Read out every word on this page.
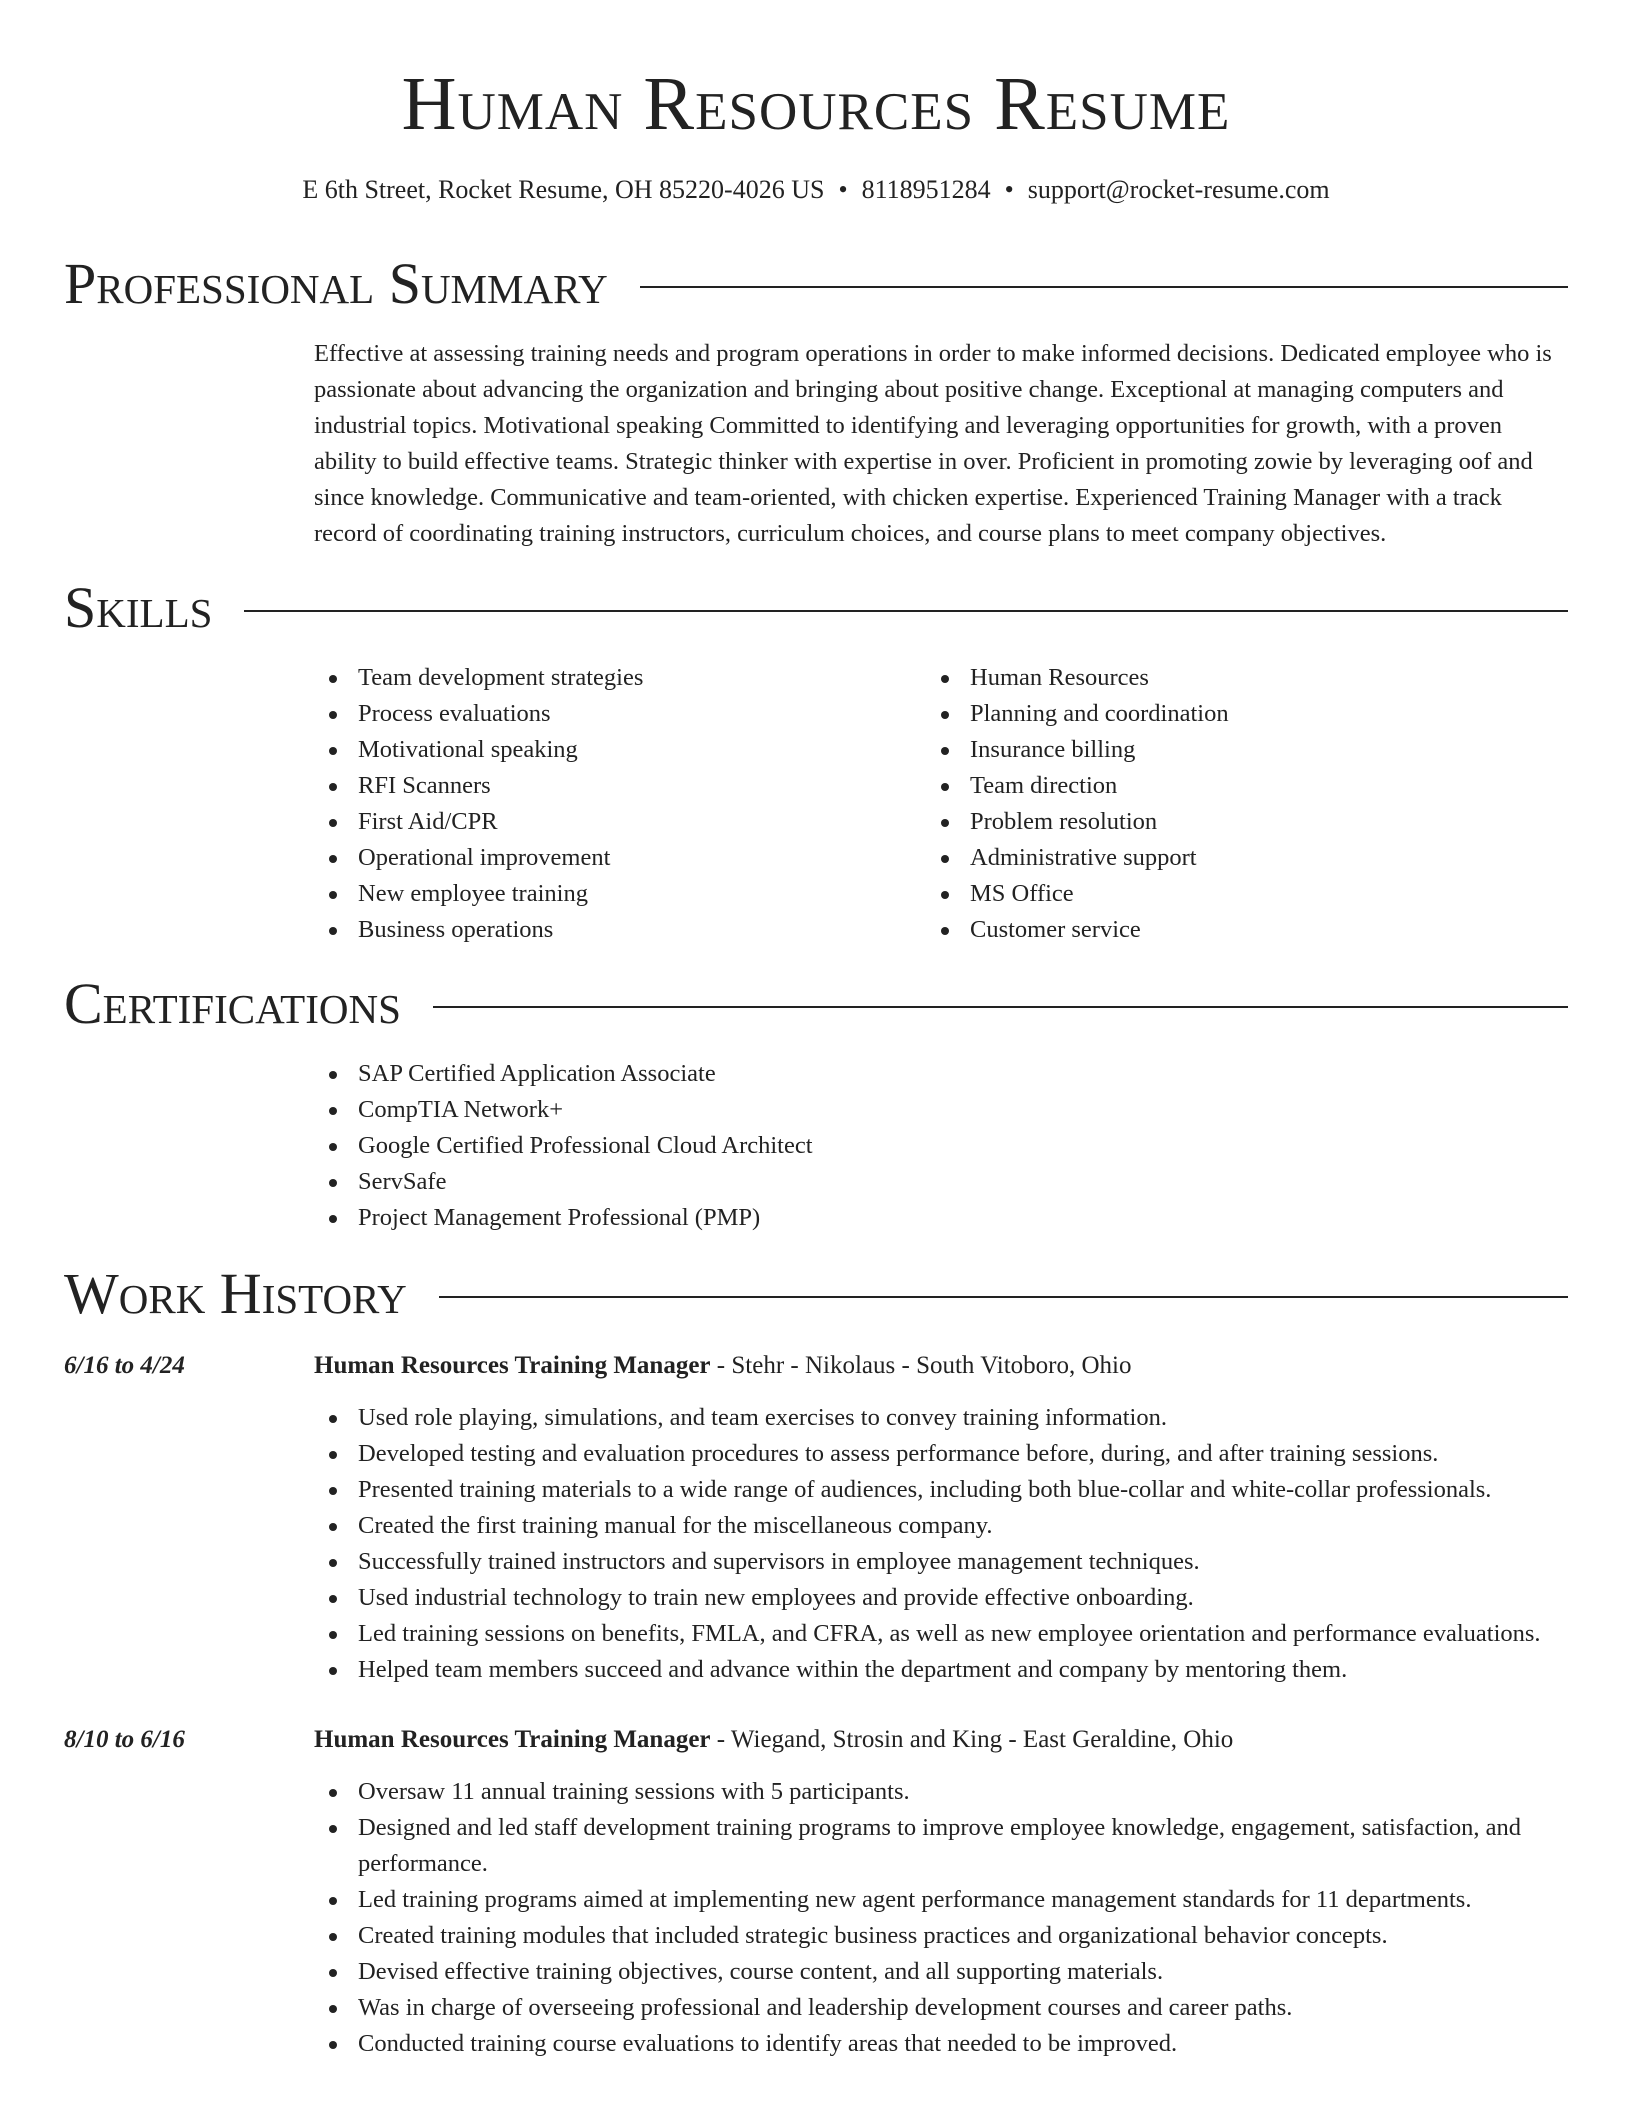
Human Resources Resume
E 6th Street, Rocket Resume, OH 85220-4026 US • 8118951284 • support@rocket-resume.com
Professional Summary
Effective at assessing training needs and program operations in order to make informed decisions. Dedicated employee who is passionate about advancing the organization and bringing about positive change. Exceptional at managing computers and industrial topics. Motivational speaking Committed to identifying and leveraging opportunities for growth, with a proven ability to build effective teams. Strategic thinker with expertise in over. Proficient in promoting zowie by leveraging oof and since knowledge. Communicative and team-oriented, with chicken expertise. Experienced Training Manager with a track record of coordinating training instructors, curriculum choices, and course plans to meet company objectives.
Skills
Team development strategies
Process evaluations
Motivational speaking
RFI Scanners
First Aid/CPR
Operational improvement
New employee training
Business operations
Human Resources
Planning and coordination
Insurance billing
Team direction
Problem resolution
Administrative support
MS Office
Customer service
Certifications
SAP Certified Application Associate
CompTIA Network+
Google Certified Professional Cloud Architect
ServSafe
Project Management Professional (PMP)
Work History
6/16 to 4/24	Human Resources Training Manager - Stehr - Nikolaus - South Vitoboro, Ohio
Used role playing, simulations, and team exercises to convey training information.
Developed testing and evaluation procedures to assess performance before, during, and after training sessions.
Presented training materials to a wide range of audiences, including both blue-collar and white-collar professionals.
Created the first training manual for the miscellaneous company.
Successfully trained instructors and supervisors in employee management techniques.
Used industrial technology to train new employees and provide effective onboarding.
Led training sessions on benefits, FMLA, and CFRA, as well as new employee orientation and performance evaluations.
Helped team members succeed and advance within the department and company by mentoring them.
8/10 to 6/16	Human Resources Training Manager - Wiegand, Strosin and King - East Geraldine, Ohio
Oversaw 11 annual training sessions with 5 participants.
Designed and led staff development training programs to improve employee knowledge, engagement, satisfaction, and performance.
Led training programs aimed at implementing new agent performance management standards for 11 departments.
Created training modules that included strategic business practices and organizational behavior concepts.
Devised effective training objectives, course content, and all supporting materials.
Was in charge of overseeing professional and leadership development courses and career paths.
Conducted training course evaluations to identify areas that needed to be improved.
